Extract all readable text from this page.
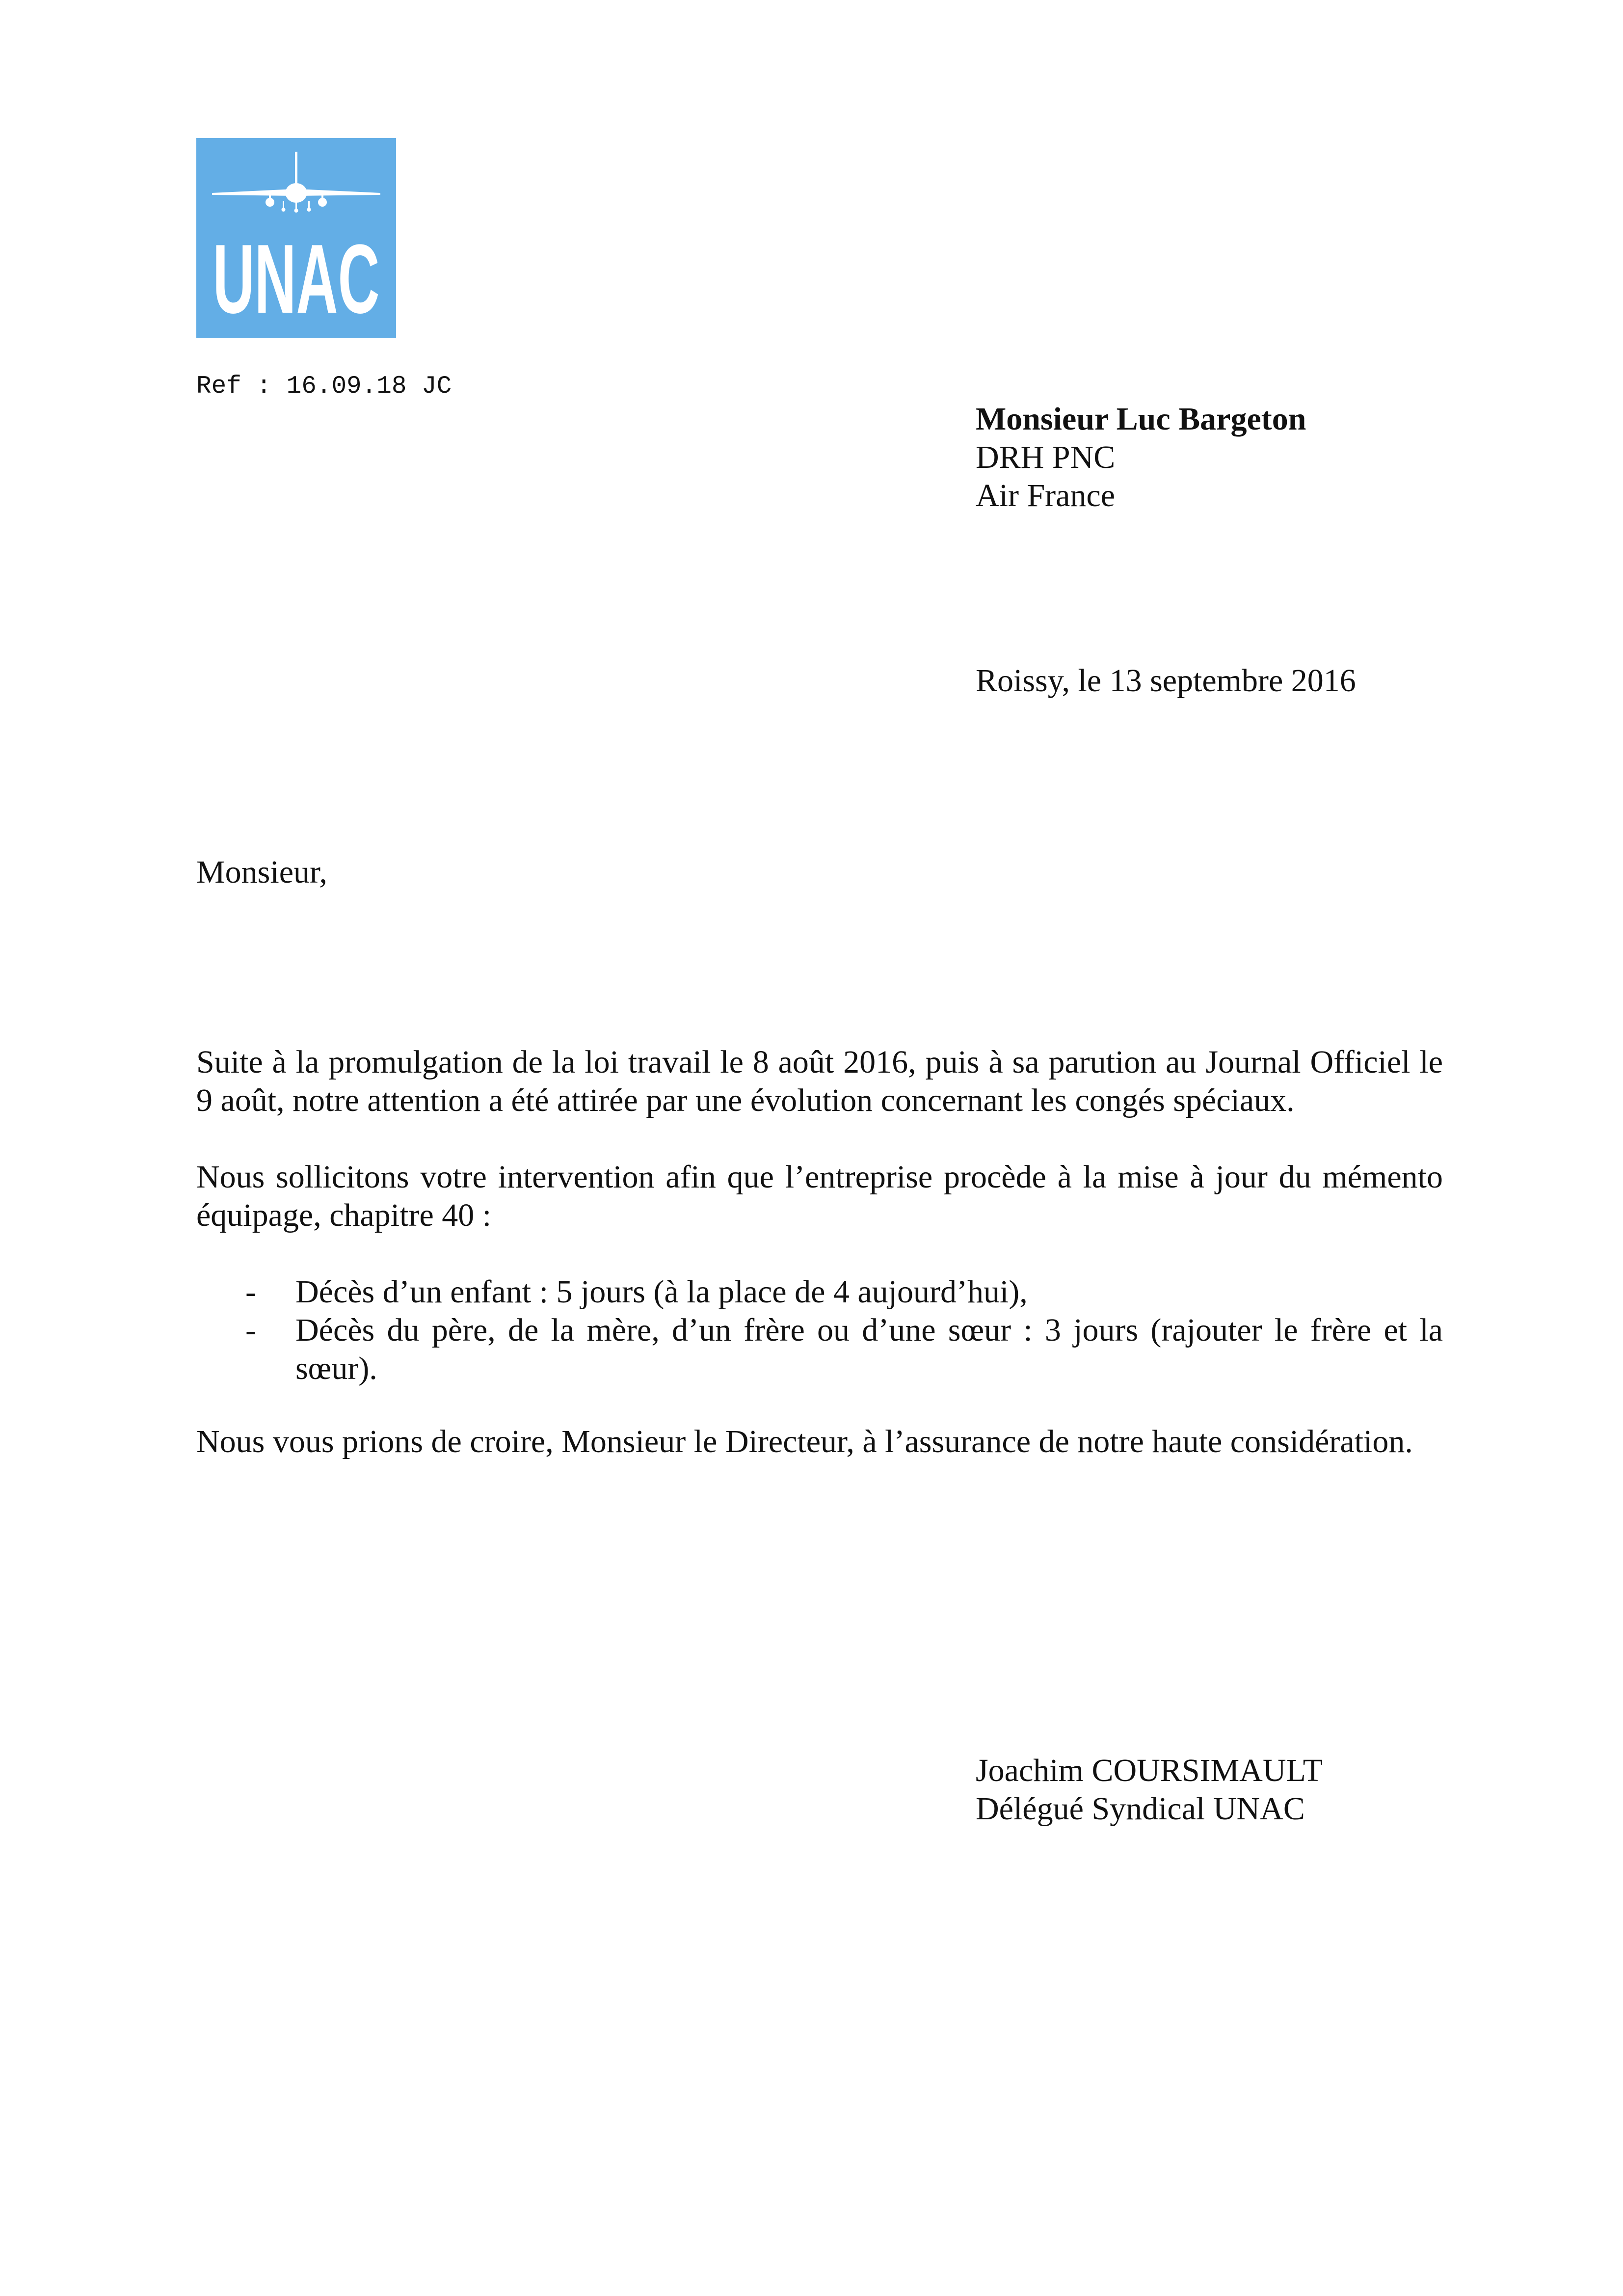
UNAC
Ref : 16.09.18 JC
Monsieur Luc Bargeton
DRH PNC
Air France
Roissy, le 13 septembre 2016
Monsieur,

Suite à la promulgation de la loi travail le 8 août 2016, puis à sa parution au Journal Officiel le 9 août, notre attention a été attirée par une évolution concernant les congés spéciaux.

Nous sollicitons votre intervention afin que l’entreprise procède à la mise à jour du mémento équipage, chapitre 40 :

- Décès d’un enfant : 5 jours (à la place de 4 aujourd’hui),
- Décès du père, de la mère, d’un frère ou d’une sœur : 3 jours (rajouter le frère et la sœur).

Nous vous prions de croire, Monsieur le Directeur, à l’assurance de notre haute considération.

Joachim COURSIMAULT
Délégué Syndical UNAC
